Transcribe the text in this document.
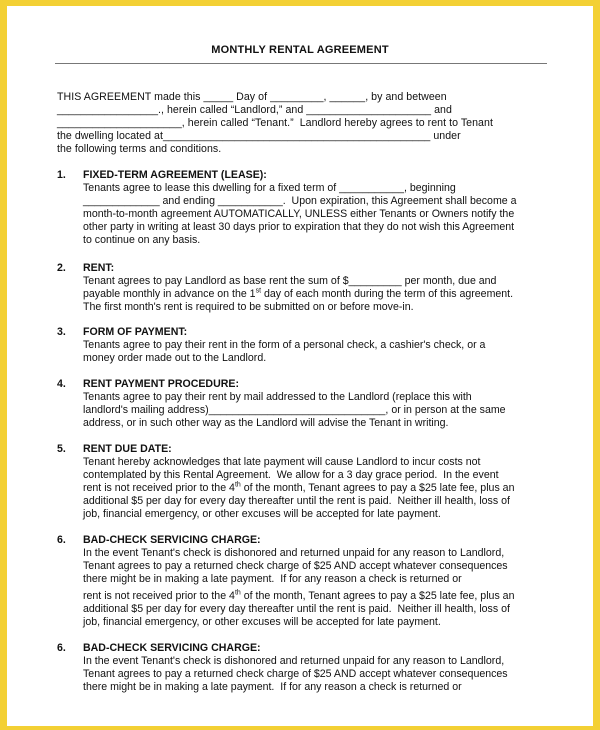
MONTHLY RENTAL AGREEMENT
THIS AGREEMENT made this _____ Day of _________, ______, by and between
_________________., herein called “Landlord,” and _____________________ and
_____________________, herein called “Tenant.”  Landlord hereby agrees to rent to Tenant
the dwelling located at_____________________________________________ under
the following terms and conditions.
1. FIXED-TERM AGREEMENT (LEASE):
Tenants agree to lease this dwelling for a fixed term of ___________, beginning
_____________ and ending ___________.  Upon expiration, this Agreement shall become a
month-to-month agreement AUTOMATICALLY, UNLESS either Tenants or Owners notify the
other party in writing at least 30 days prior to expiration that they do not wish this Agreement
to continue on any basis.
2. RENT:
Tenant agrees to pay Landlord as base rent the sum of $_________ per month, due and
payable monthly in advance on the 1st day of each month during the term of this agreement.
The first month's rent is required to be submitted on or before move-in.
3. FORM OF PAYMENT:
Tenants agree to pay their rent in the form of a personal check, a cashier's check, or a
money order made out to the Landlord.
4. RENT PAYMENT PROCEDURE:
Tenants agree to pay their rent by mail addressed to the Landlord (replace this with
landlord's mailing address)______________________________, or in person at the same
address, or in such other way as the Landlord will advise the Tenant in writing.
5. RENT DUE DATE:
Tenant hereby acknowledges that late payment will cause Landlord to incur costs not
contemplated by this Rental Agreement.  We allow for a 3 day grace period.  In the event
rent is not received prior to the 4th of the month, Tenant agrees to pay a $25 late fee, plus an
additional $5 per day for every day thereafter until the rent is paid.  Neither ill health, loss of
job, financial emergency, or other excuses will be accepted for late payment.
6. BAD-CHECK SERVICING CHARGE:
In the event Tenant's check is dishonored and returned unpaid for any reason to Landlord,
Tenant agrees to pay a returned check charge of $25 AND accept whatever consequences
there might be in making a late payment.  If for any reason a check is returned or
rent is not received prior to the 4th of the month, Tenant agrees to pay a $25 late fee, plus an
additional $5 per day for every day thereafter until the rent is paid.  Neither ill health, loss of
job, financial emergency, or other excuses will be accepted for late payment.
6. BAD-CHECK SERVICING CHARGE:
In the event Tenant's check is dishonored and returned unpaid for any reason to Landlord,
Tenant agrees to pay a returned check charge of $25 AND accept whatever consequences
there might be in making a late payment.  If for any reason a check is returned or
